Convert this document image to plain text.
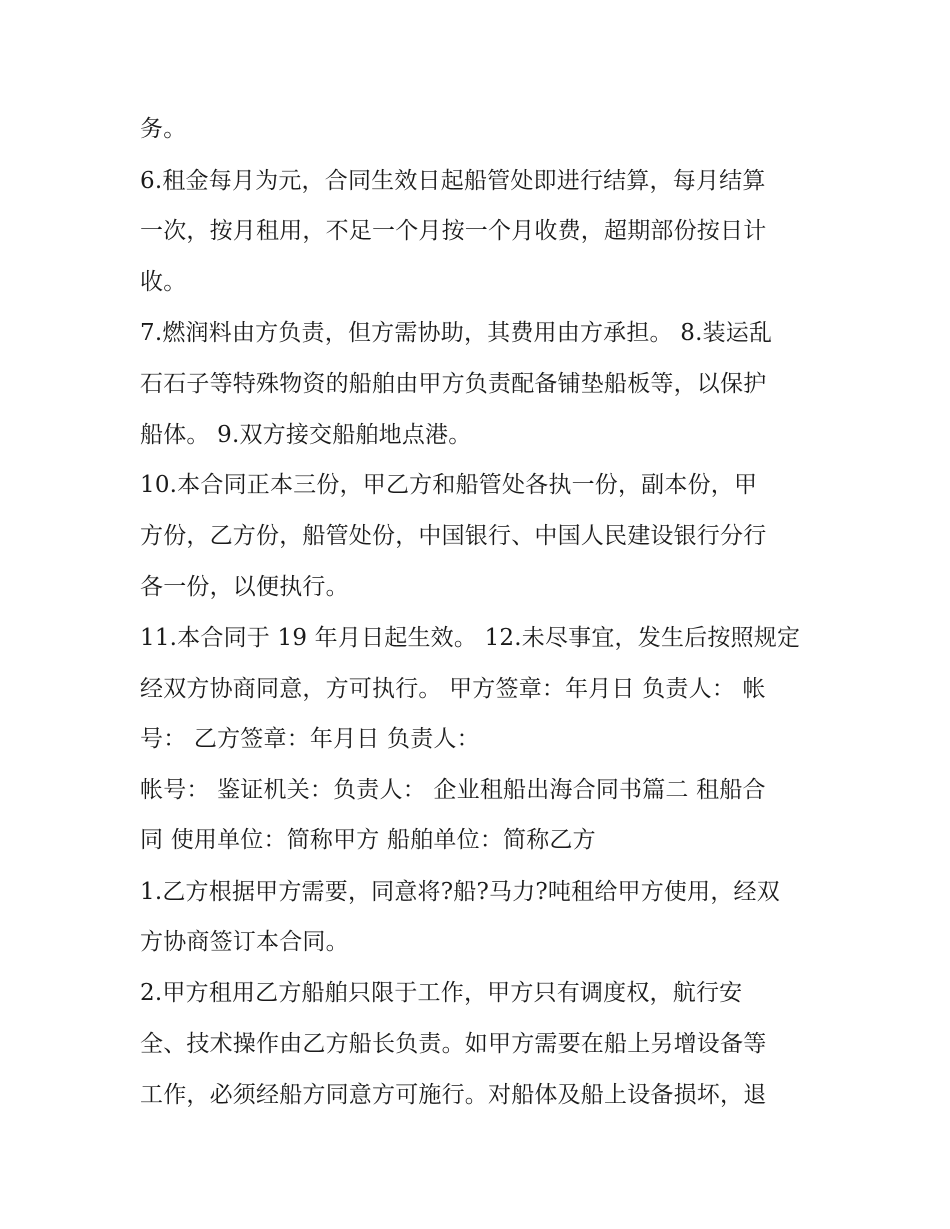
务。
6.租金每月为元，合同生效日起船管处即进行结算，每月结算
一次，按月租用，不足一个月按一个月收费，超期部份按日计
收。
7.燃润料由方负责，但方需协助，其费用由方承担。 8.装运乱
石石子等特殊物资的船舶由甲方负责配备铺垫船板等，以保护
船体。 9.双方接交船舶地点港。
10.本合同正本三份，甲乙方和船管处各执一份，副本份，甲
方份，乙方份，船管处份，中国银行、中国人民建设银行分行
各一份，以便执行。
11.本合同于 19 年月日起生效。 12.未尽事宜，发生后按照规定
经双方协商同意，方可执行。 甲方签章：年月日 负责人： 帐
号： 乙方签章：年月日 负责人：
帐号： 鉴证机关：负责人： 企业租船出海合同书篇二 租船合
同 使用单位：简称甲方 船舶单位：简称乙方
1.乙方根据甲方需要，同意将?船?马力?吨租给甲方使用，经双
方协商签订本合同。
2.甲方租用乙方船舶只限于工作，甲方只有调度权，航行安
全、技术操作由乙方船长负责。如甲方需要在船上另增设备等
工作，必须经船方同意方可施行。对船体及船上设备损坏，退
